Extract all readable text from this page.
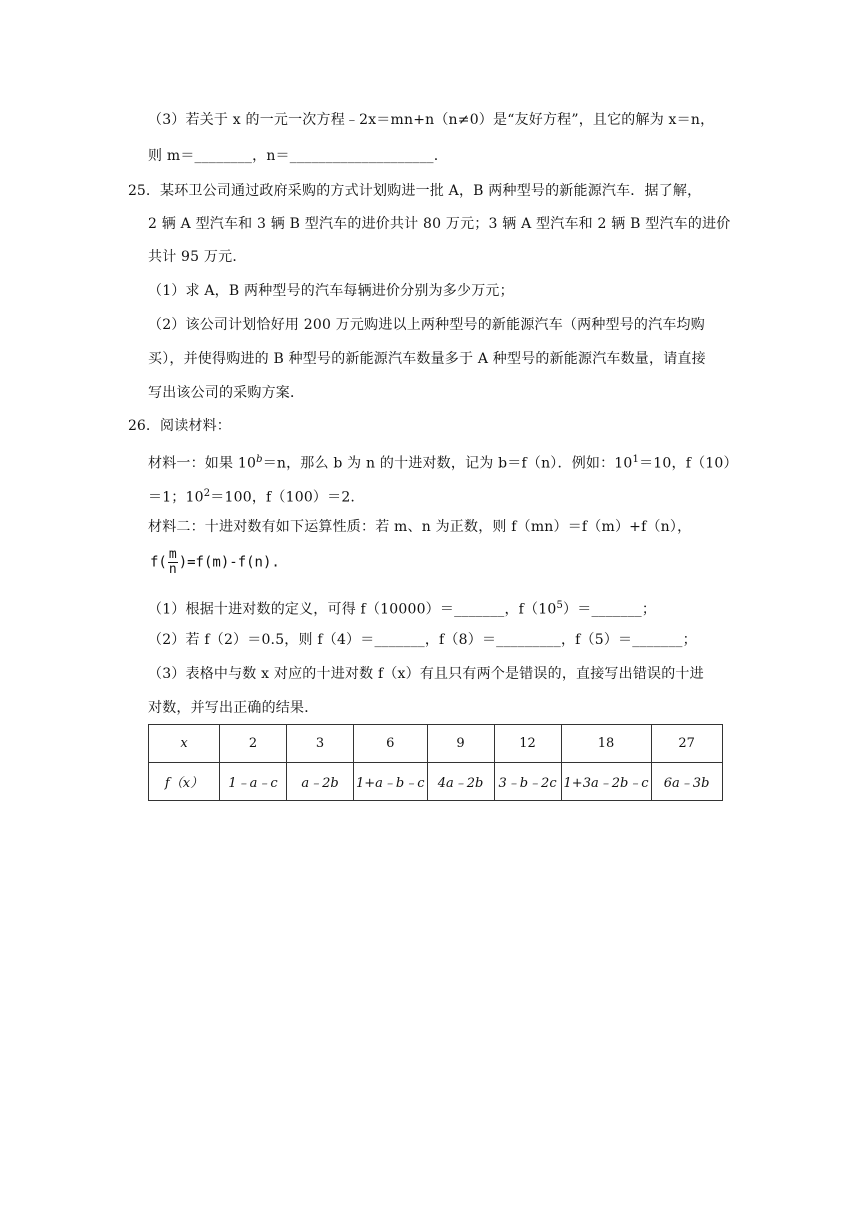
（3）若关于 x 的一元一次方程﹣2x＝mn+n（n≠0）是“友好方程”，且它的解为 x＝n，
则 m＝________，n＝____________________.
25. 某环卫公司通过政府采购的方式计划购进一批 A，B 两种型号的新能源汽车．据了解，
2 辆 A 型汽车和 3 辆 B 型汽车的进价共计 80 万元；3 辆 A 型汽车和 2 辆 B 型汽车的进价
共计 95 万元．
（1）求 A，B 两种型号的汽车每辆进价分别为多少万元；
（2）该公司计划恰好用 200 万元购进以上两种型号的新能源汽车（两种型号的汽车均购
买），并使得购进的 B 种型号的新能源汽车数量多于 A 种型号的新能源汽车数量，请直接
写出该公司的采购方案．
26. 阅读材料：
材料一：如果 $10^b=n$，那么 b 为 n 的十进对数，记为 b＝f（n）．例如：$10^1=10$，f（10）
＝1；$10^2=100$，f（100）＝2.
材料二：十进对数有如下运算性质：若 m、n 为正数，则 f（mn）＝f（m）+f（n），
$f( \frac{m}{n} )=f(m)-f(n)$.
（1）根据十进对数的定义，可得 f（10000）＝_______，$f(10^5)=\_\_\_\_\_\_\_$；
（2）若 f（2）＝0.5，则 f（4）＝_______，f（8）＝_________，f（5）＝_______；
（3）表格中与数 x 对应的十进对数 f（x）有且只有两个是错误的，直接写出错误的十进
对数，并写出正确的结果．
x	2	3	6	9	12	18	27
f（x）	1﹣a﹣c	a﹣2b	1+a﹣b﹣c	4a﹣2b	3﹣b﹣2c	1+3a﹣2b﹣c	6a﹣3b
